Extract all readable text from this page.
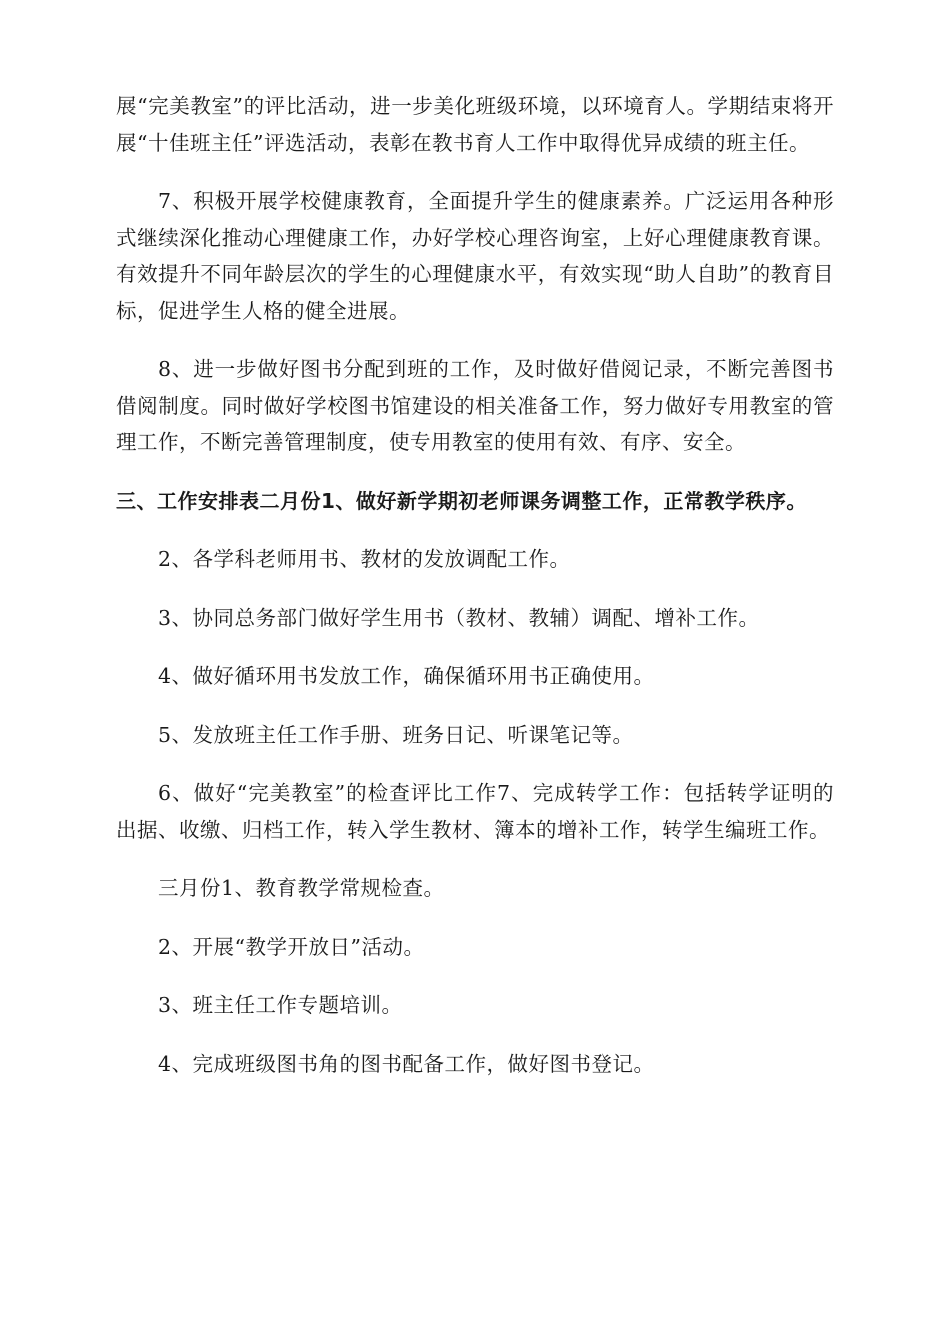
展“完美教室”的评比活动，进一步美化班级环境，以环境育人。学期结束将开展“十佳班主任”评选活动，表彰在教书育人工作中取得优异成绩的班主任。

7、积极开展学校健康教育，全面提升学生的健康素养。广泛运用各种形式继续深化推动心理健康工作，办好学校心理咨询室，上好心理健康教育课。有效提升不同年龄层次的学生的心理健康水平，有效实现“助人自助”的教育目标，促进学生人格的健全进展。

8、进一步做好图书分配到班的工作，及时做好借阅记录，不断完善图书借阅制度。同时做好学校图书馆建设的相关准备工作，努力做好专用教室的管理工作，不断完善管理制度，使专用教室的使用有效、有序、安全。

三、工作安排表二月份1、做好新学期初老师课务调整工作，正常教学秩序。

2、各学科老师用书、教材的发放调配工作。

3、协同总务部门做好学生用书（教材、教辅）调配、增补工作。

4、做好循环用书发放工作，确保循环用书正确使用。

5、发放班主任工作手册、班务日记、听课笔记等。

6、做好“完美教室”的检查评比工作7、完成转学工作：包括转学证明的出据、收缴、归档工作，转入学生教材、簿本的增补工作，转学生编班工作。

三月份1、教育教学常规检查。

2、开展“教学开放日”活动。

3、班主任工作专题培训。

4、完成班级图书角的图书配备工作，做好图书登记。
